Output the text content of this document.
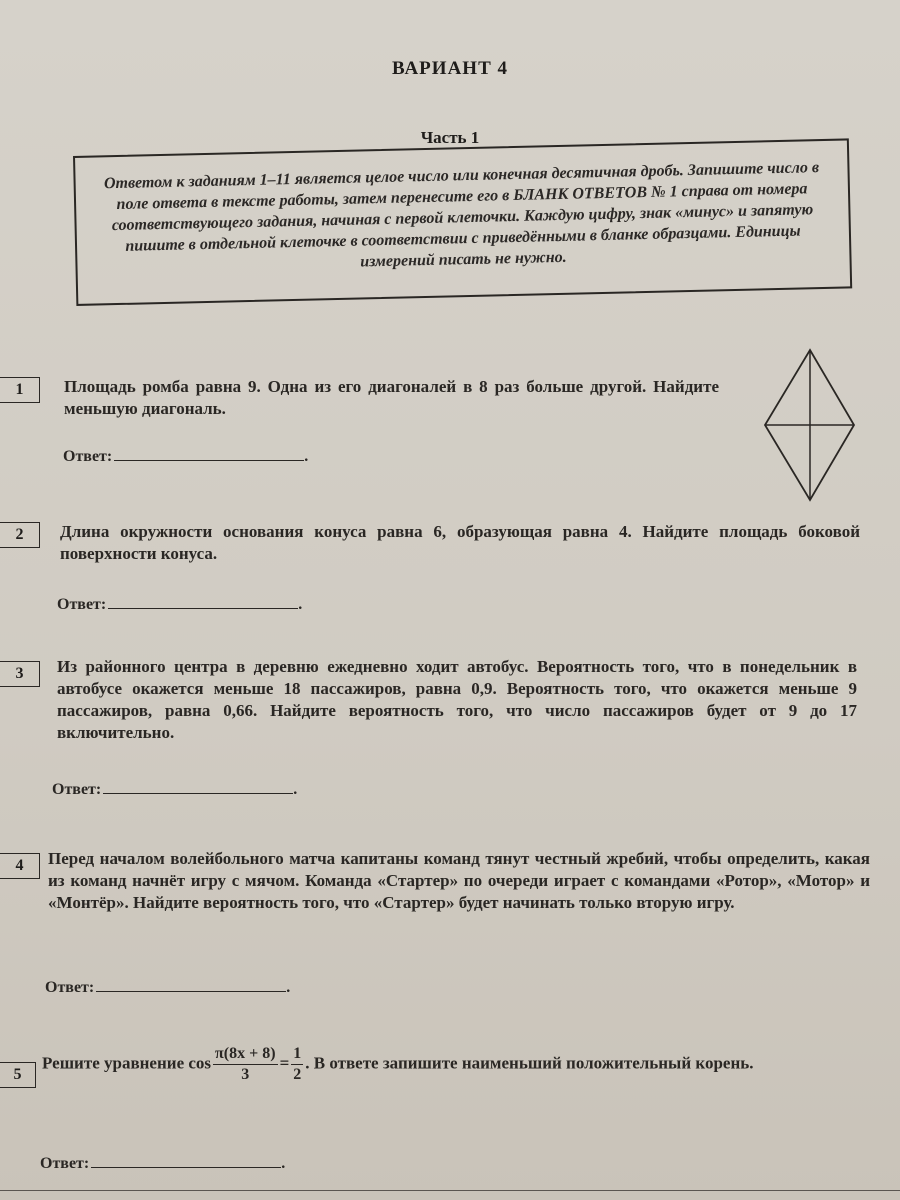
ВАРИАНТ 4
Часть 1
Ответом к заданиям 1–11 является целое число или конечная десятичная дробь. Запишите число в поле ответа в тексте работы, затем перенесите его в БЛАНК ОТВЕТОВ № 1 справа от номера соответствующего задания, начиная с первой клеточки. Каждую цифру, знак «минус» и запятую пишите в отдельной клеточке в соответствии с приведёнными в бланке образцами. Единицы измерений писать не нужно.
1	Площадь ромба равна 9. Одна из его диагоналей в 8 раз больше другой. Найдите меньшую диагональ.
Ответ:	.
2	Длина окружности основания конуса равна 6, образующая равна 4. Найдите площадь боковой поверхности конуса.
Ответ:	.
3	Из районного центра в деревню ежедневно ходит автобус. Вероятность того, что в понедельник в автобусе окажется меньше 18 пассажиров, равна 0,9. Вероятность того, что окажется меньше 9 пассажиров, равна 0,66. Найдите вероятность того, что число пассажиров будет от 9 до 17 включительно.
Ответ:	.
4	Перед началом волейбольного матча капитаны команд тянут честный жребий, чтобы определить, какая из команд начнёт игру с мячом. Команда «Стартер» по очереди играет с командами «Ротор», «Мотор» и «Монтёр». Найдите вероятность того, что «Стартер» будет начинать только вторую игру.
Ответ:	.
5
Решите уравнение $\cos \frac{\pi(8x + 8)}{3} = \frac{1}{2}$ . В ответе запишите наименьший положительный корень.
Ответ:	.
